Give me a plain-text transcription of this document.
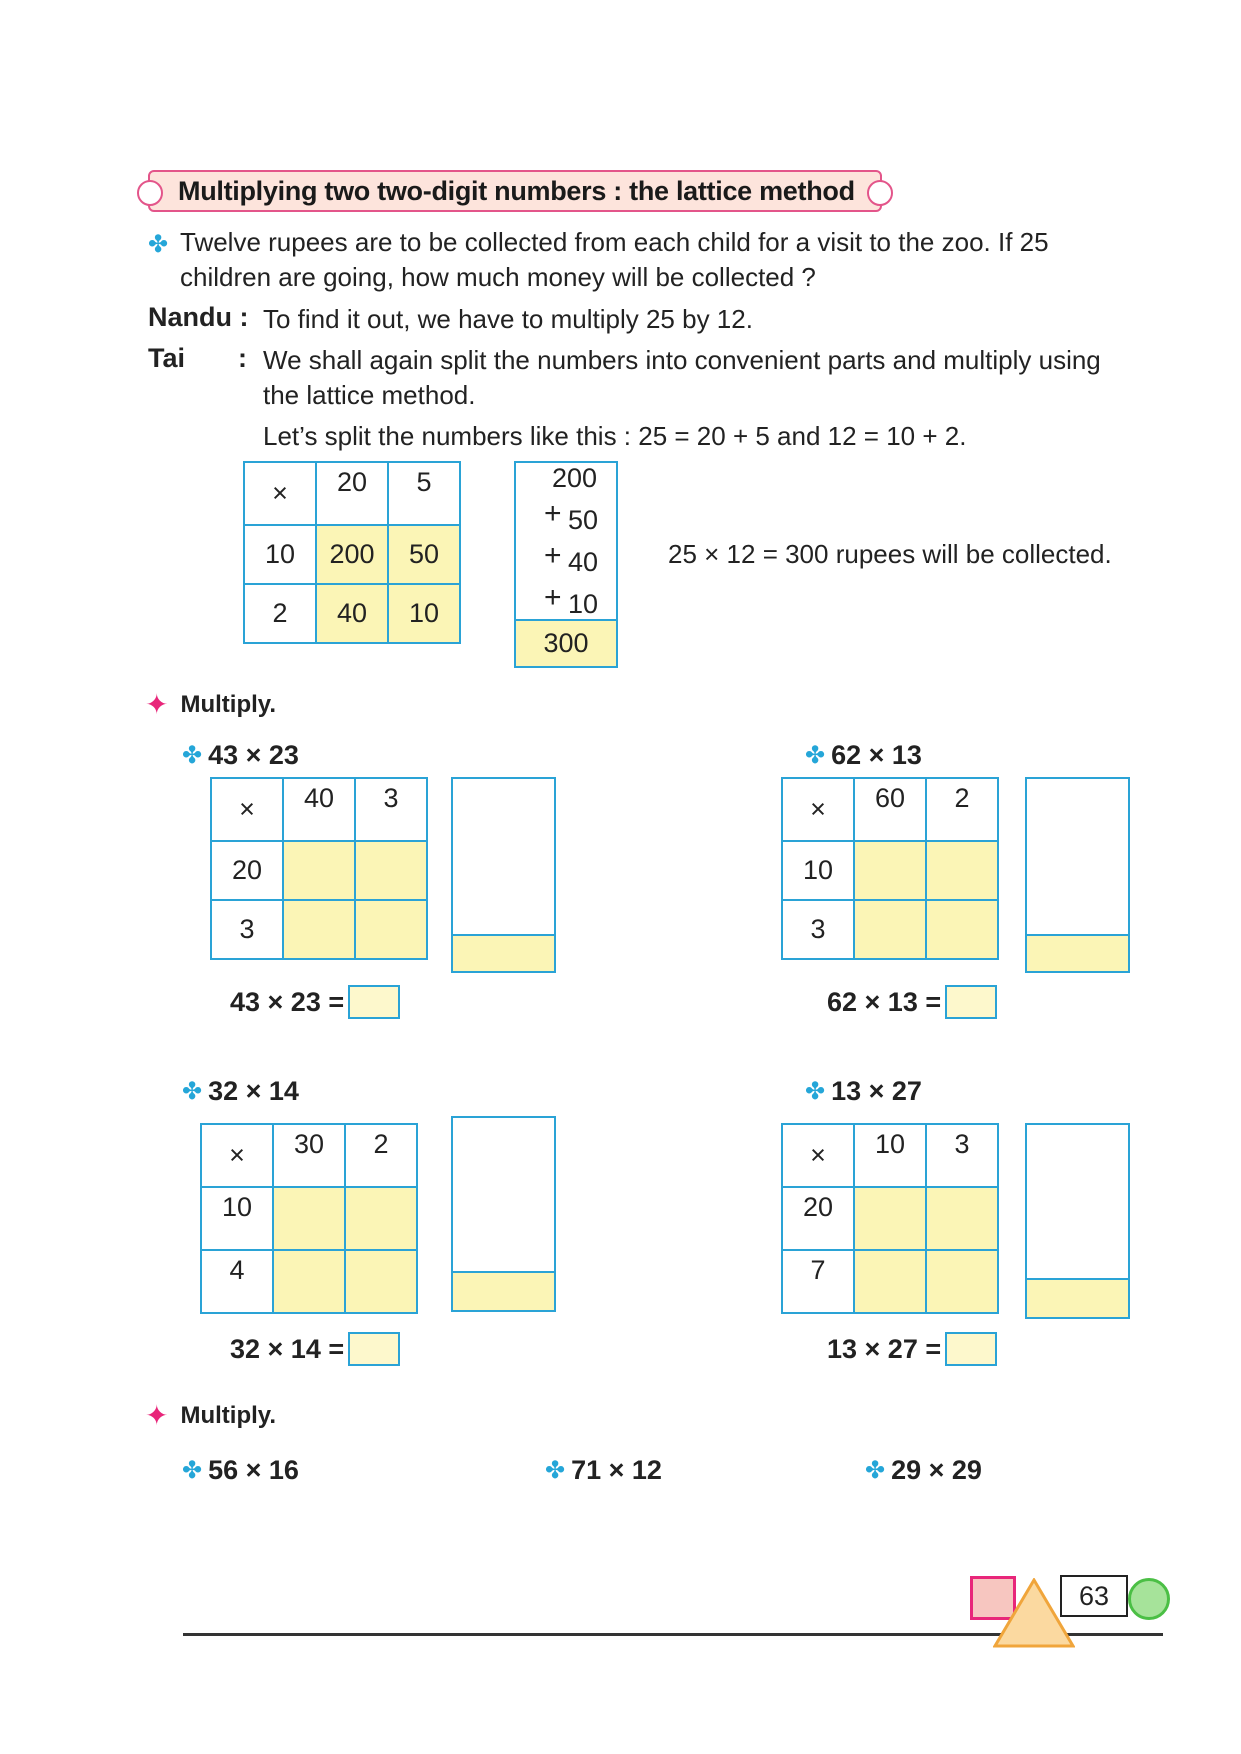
Multiplying two two-digit numbers : the lattice method
✤ Twelve rupees are to be collected from each child for a visit to the zoo. If 25
children are going, how much money will be collected ?
Nandu : To find it out, we have to multiply 25 by 12.
Tai : We shall again split the numbers into convenient parts and multiply using
the lattice method.
Let’s split the numbers like this : 25 = 20 + 5 and 12 = 10 + 2.
×	20	5
10	200	50
2	40	10
200
+ 50
+ 40
+ 10
300
25 × 12 = 300 rupees will be collected.
✦ Multiply.
✤ 43 × 23
×	40	3
20		
3		
43 × 23 =
✤ 62 × 13
×	60	2
10		
3		
62 × 13 =
✤ 32 × 14
×	30	2
10		
4		
32 × 14 =
✤ 13 × 27
×	10	3
20		
7		
13 × 27 =
✦ Multiply.
✤ 56 × 16	✤ 71 × 12	✤ 29 × 29
63
